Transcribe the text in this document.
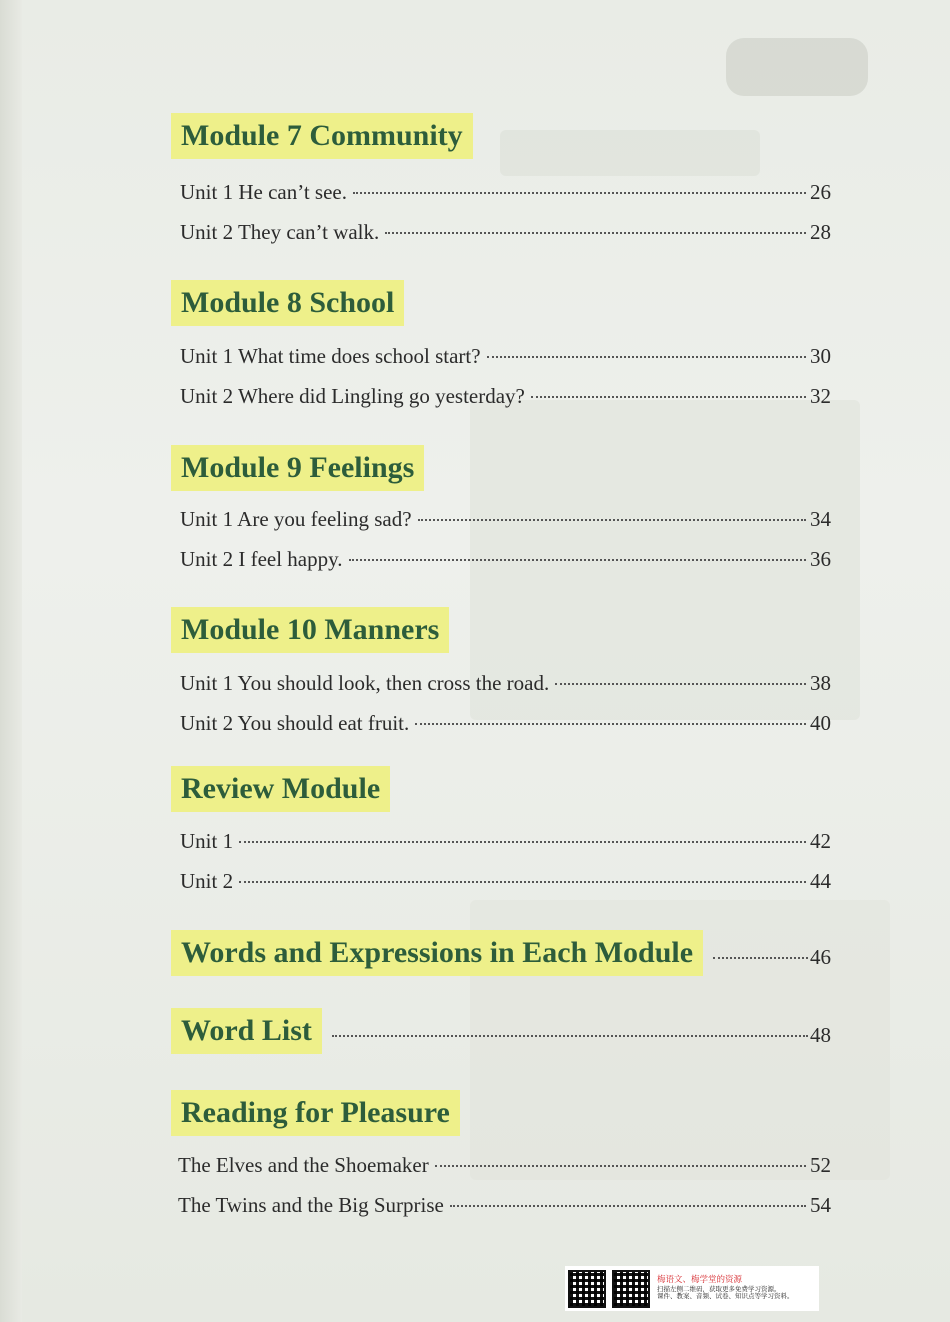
Module 7 Community
Unit 1 He can’t see.	26
Unit 2 They can’t walk.	28
Module 8 School
Unit 1 What time does school start?	30
Unit 2 Where did Lingling go yesterday?	32
Module 9 Feelings
Unit 1 Are you feeling sad?	34
Unit 2 I feel happy.	36
Module 10 Manners
Unit 1 You should look, then cross the road.	38
Unit 2 You should eat fruit.	40
Review Module
Unit 1	42
Unit 2	44
Words and Expressions in Each Module	46
Word List	48
Reading for Pleasure
The Elves and the Shoemaker	52
The Twins and the Big Surprise	54
梅语文、梅学堂的资源
扫描左侧二维码，获取更多免费学习资源。
课件、教案、音频、试卷、知识点等学习资料。
